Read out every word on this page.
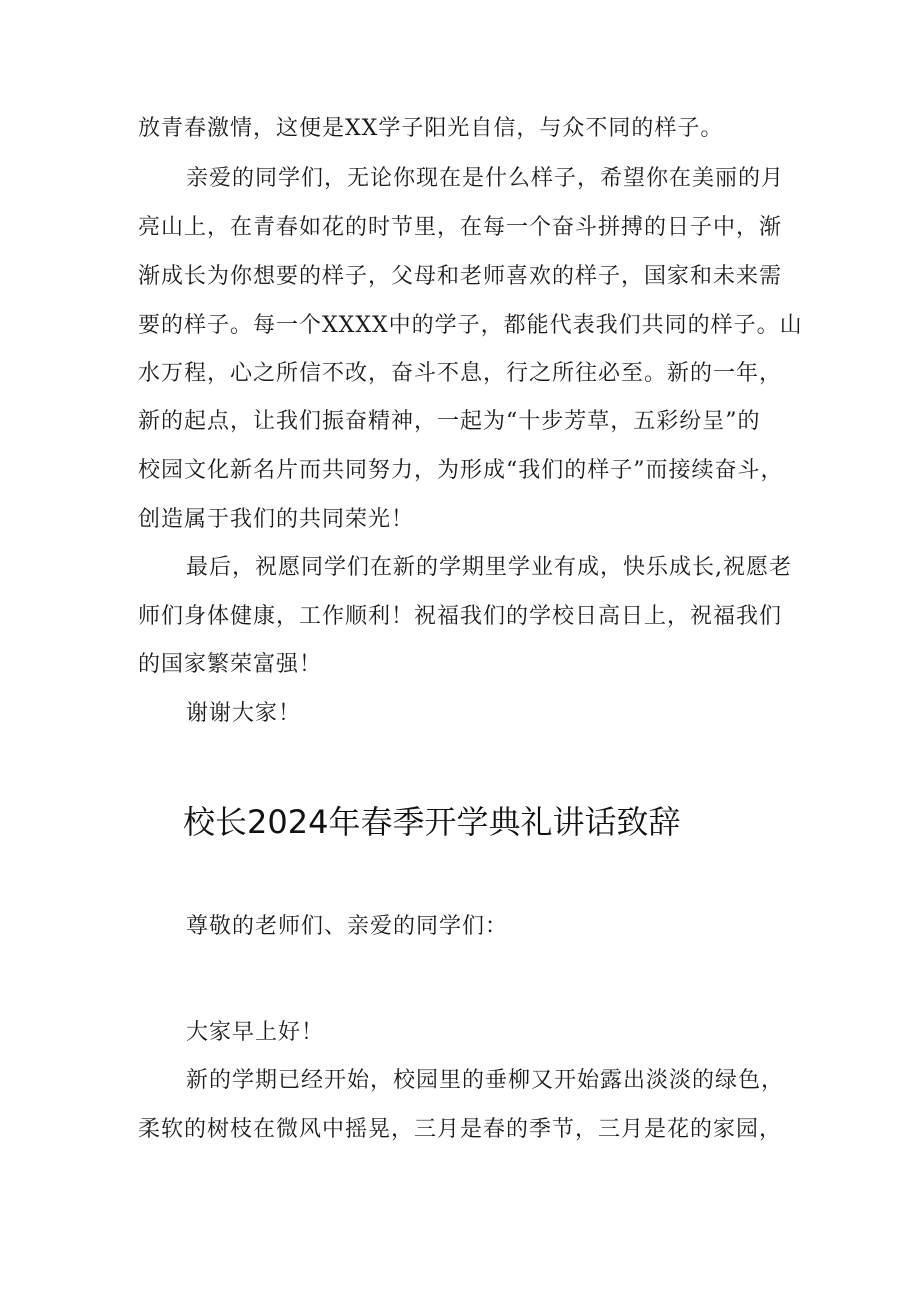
放青春激情，这便是XX学子阳光自信，与众不同的样子。
亲爱的同学们，无论你现在是什么样子，希望你在美丽的月
亮山上，在青春如花的时节里，在每一个奋斗拼搏的日子中，渐
渐成长为你想要的样子，父母和老师喜欢的样子，国家和未来需
要的样子。每一个XXXX中的学子，都能代表我们共同的样子。山
水万程，心之所信不改，奋斗不息，行之所往必至。新的一年，
新的起点，让我们振奋精神，一起为“十步芳草，五彩纷呈”的
校园文化新名片而共同努力，为形成“我们的样子”而接续奋斗，
创造属于我们的共同荣光！
最后，祝愿同学们在新的学期里学业有成，快乐成长,祝愿老
师们身体健康，工作顺利！祝福我们的学校日高日上，祝福我们
的国家繁荣富强！
谢谢大家！
校长2024年春季开学典礼讲话致辞
尊敬的老师们、亲爱的同学们：
大家早上好！
新的学期已经开始，校园里的垂柳又开始露出淡淡的绿色，
柔软的树枝在微风中摇晃，三月是春的季节，三月是花的家园，
